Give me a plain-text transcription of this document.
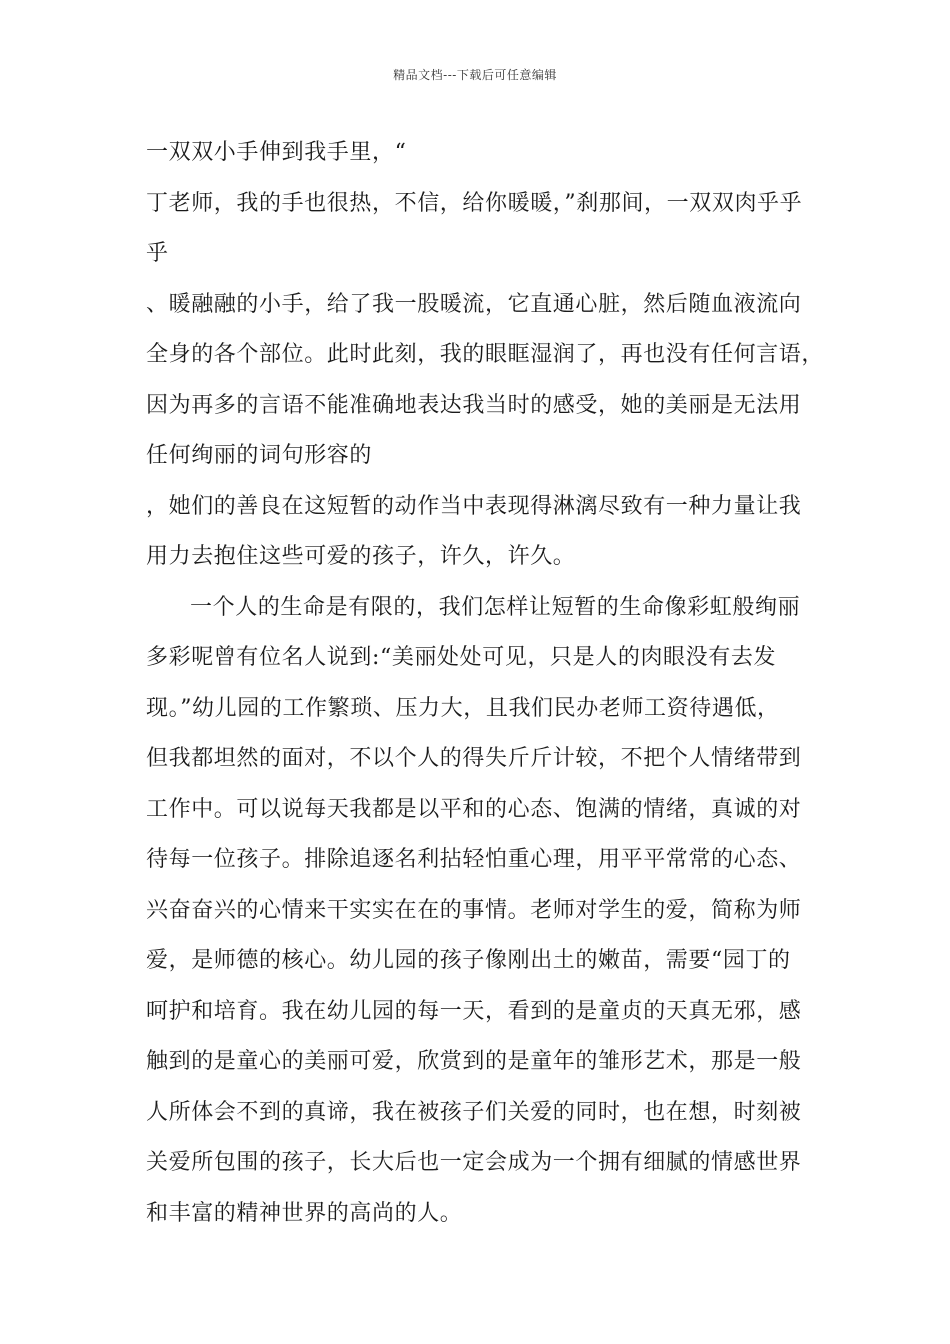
精品文档---下载后可任意编辑
一双双小手伸到我手里，“
丁老师，我的手也很热，不信，给你暖暖，”刹那间，一双双肉乎乎
乎
、暖融融的小手，给了我一股暖流，它直通心脏，然后随血液流向
全身的各个部位。此时此刻，我的眼眶湿润了，再也没有任何言语，
因为再多的言语不能准确地表达我当时的感受，她的美丽是无法用
任何绚丽的词句形容的
，她们的善良在这短暂的动作当中表现得淋漓尽致有一种力量让我
用力去抱住这些可爱的孩子，许久，许久。
一个人的生命是有限的，我们怎样让短暂的生命像彩虹般绚丽
多彩呢曾有位名人说到:“美丽处处可见，只是人的肉眼没有去发
现。”幼儿园的工作繁琐、压力大，且我们民办老师工资待遇低，
但我都坦然的面对，不以个人的得失斤斤计较，不把个人情绪带到
工作中。可以说每天我都是以平和的心态、饱满的情绪，真诚的对
待每一位孩子。排除追逐名利拈轻怕重心理，用平平常常的心态、
兴奋奋兴的心情来干实实在在的事情。老师对学生的爱，简称为师
爱，是师德的核心。幼儿园的孩子像刚出土的嫩苗，需要“园丁的
呵护和培育。我在幼儿园的每一天，看到的是童贞的天真无邪，感
触到的是童心的美丽可爱，欣赏到的是童年的雏形艺术，那是一般
人所体会不到的真谛，我在被孩子们关爱的同时，也在想，时刻被
关爱所包围的孩子，长大后也一定会成为一个拥有细腻的情感世界
和丰富的精神世界的高尚的人。
